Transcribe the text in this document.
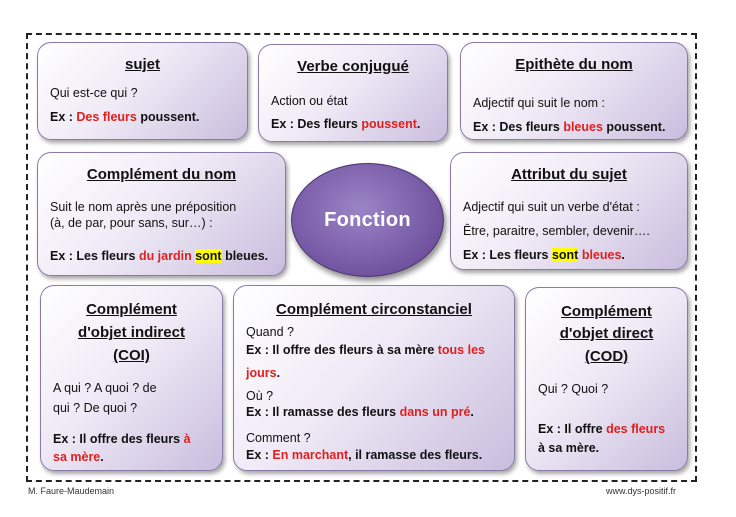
sujet
Qui est-ce qui ?
Ex : Des fleurs poussent.
Verbe conjugué
Action ou état
Ex : Des fleurs poussent.
Epithète du nom
Adjectif qui suit le nom :
Ex : Des fleurs bleues poussent.
Complément du nom
Suit le nom après une préposition
(à, de par, pour sans, sur…) :
Ex : Les fleurs du jardin sont bleues.
Fonction
Attribut du sujet
Adjectif qui suit un verbe d'état :
Être, paraitre, sembler, devenir….
Ex : Les fleurs sont bleues.
Complément
d'objet indirect
(COI)
A qui ? A quoi ? de
qui ? De quoi ?
Ex : Il offre des fleurs à
sa mère.
Complément circonstanciel
Quand ?
Ex : Il offre des fleurs à sa mère tous les
jours.
Où ?
Ex : Il ramasse des fleurs dans un pré.
Comment ?
Ex : En marchant, il ramasse des fleurs.
Complément
d'objet direct
(COD)
Qui ? Quoi ?
Ex : Il offre des fleurs
à sa mère.
M. Faure-Maudemain	www.dys-positif.fr
